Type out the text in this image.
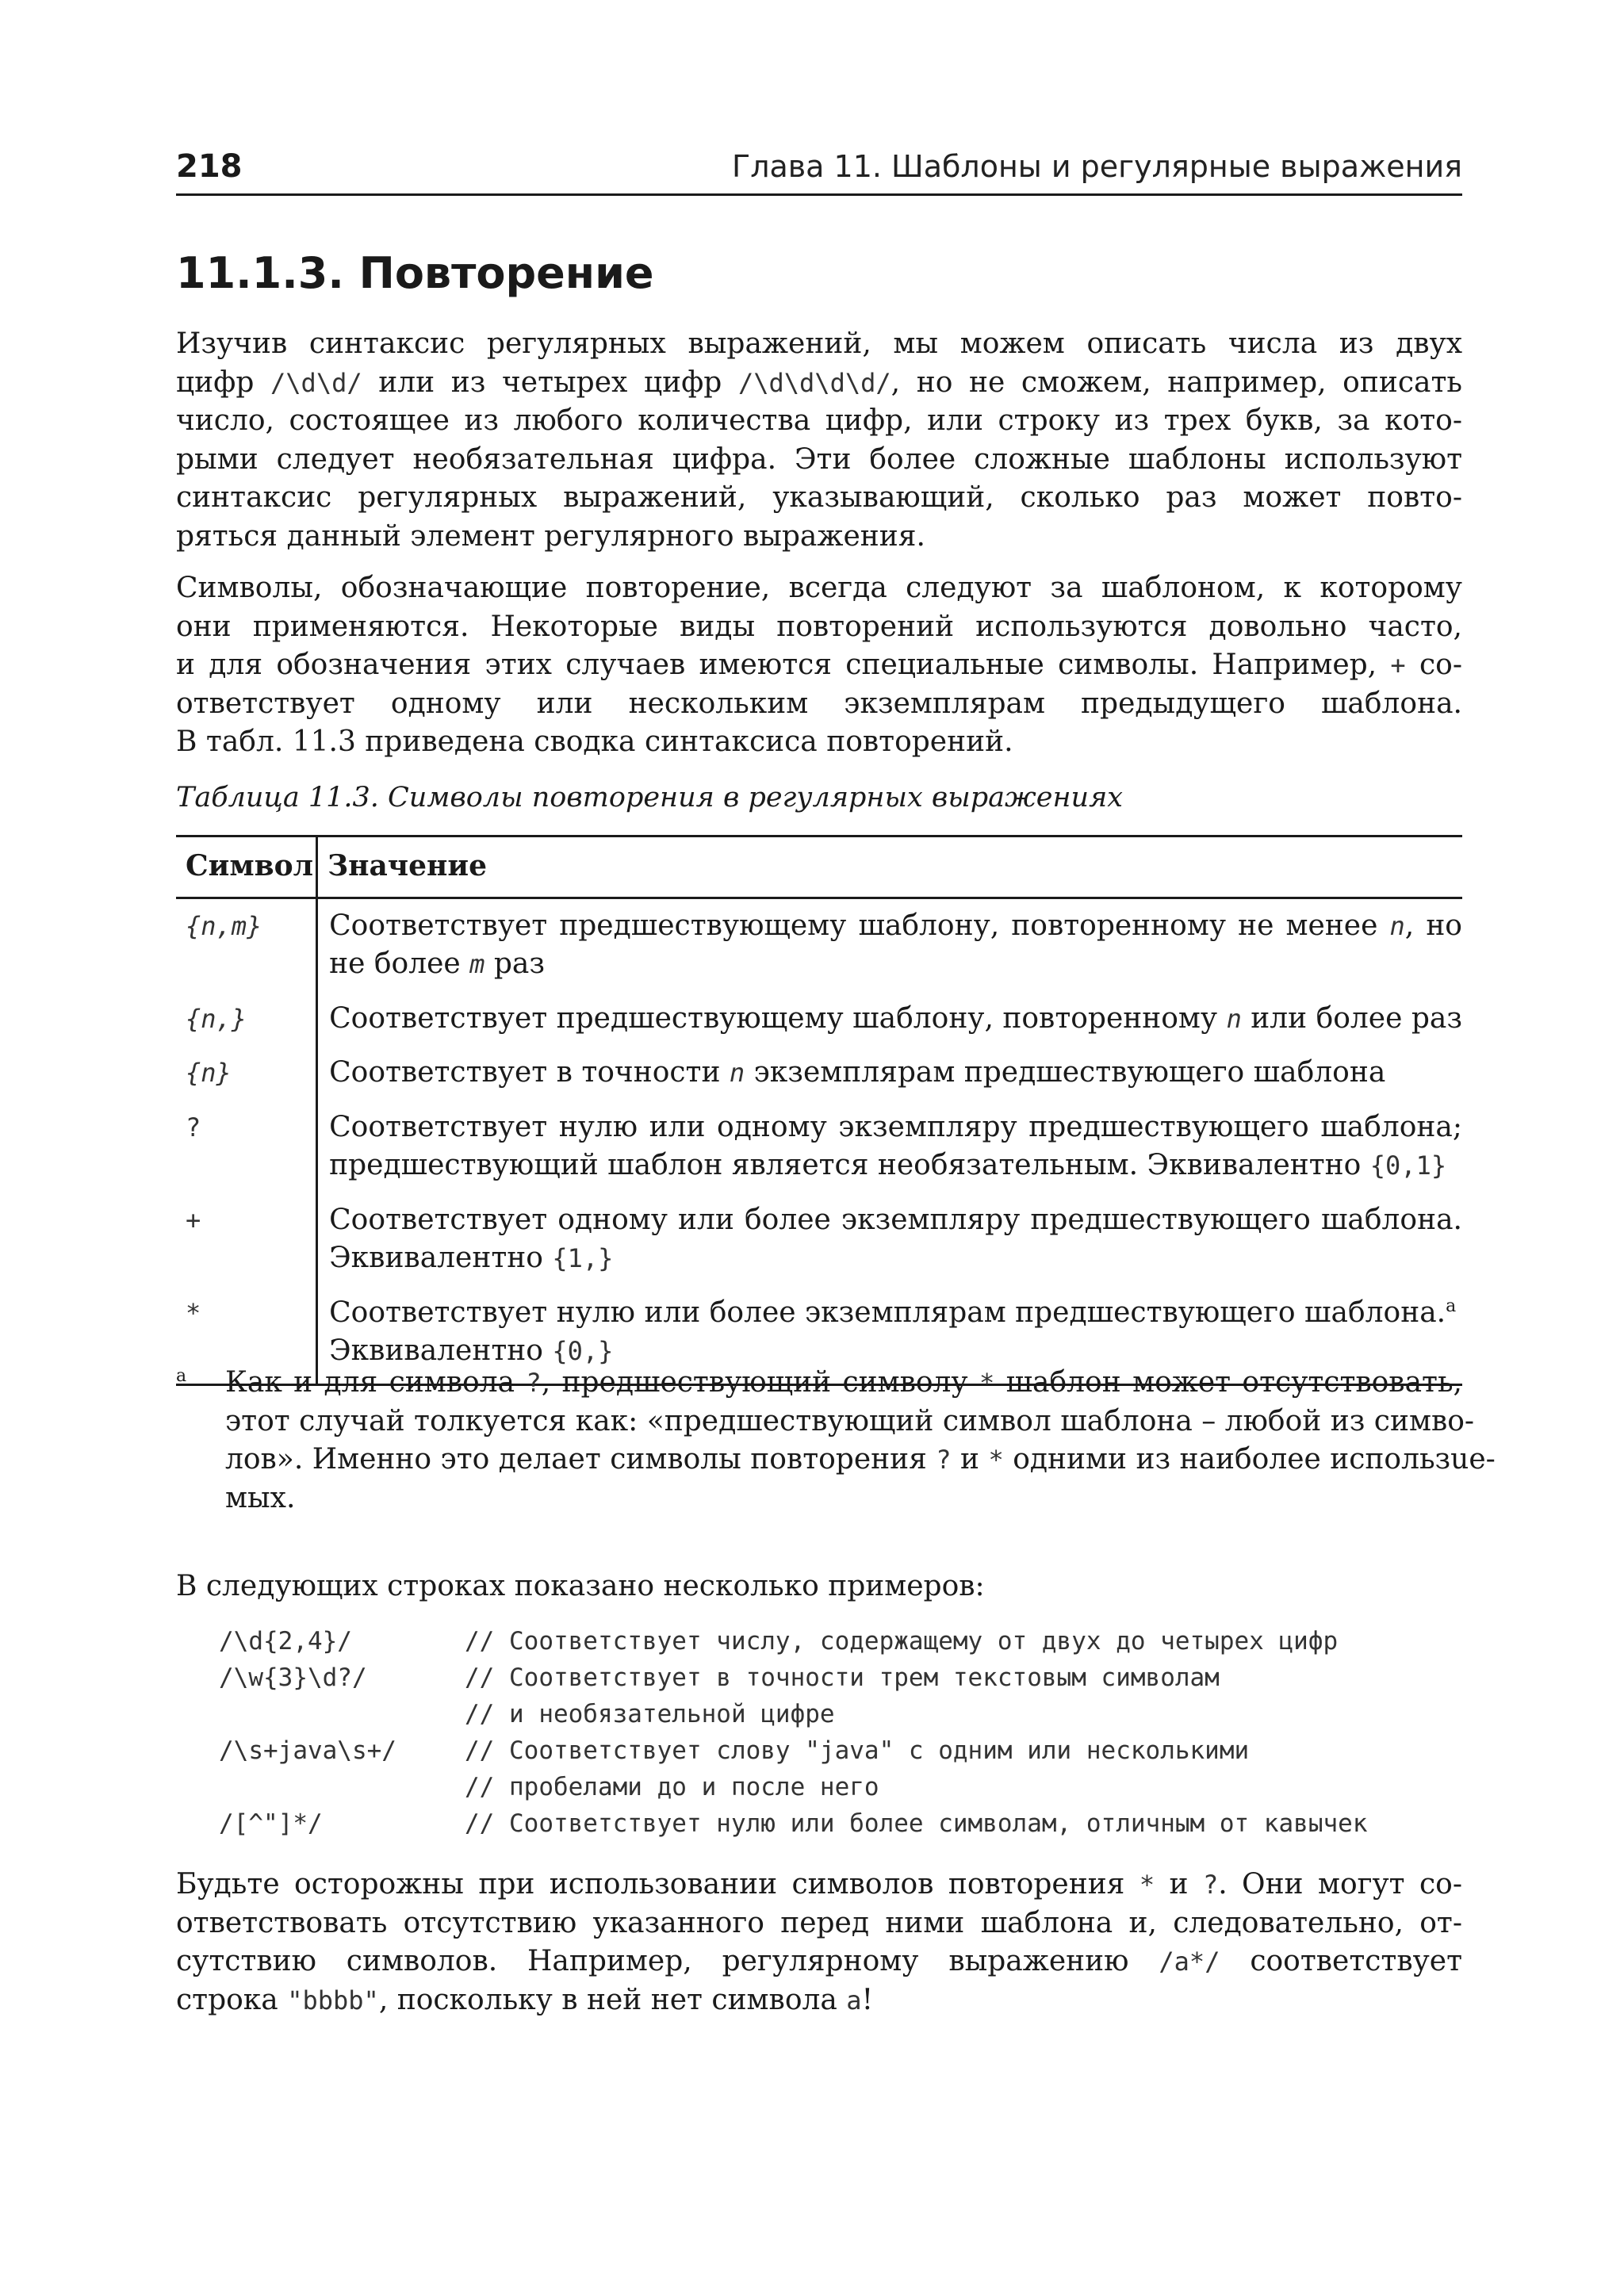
218	Глава 11. Шаблоны и регулярные выражения
11.1.3. Повторение
Изучив синтаксис регулярных выражений, мы можем описать числа из двух
цифр /\d\d/ или из четырех цифр /\d\d\d\d/, но не сможем, например, описать
число, состоящее из любого количества цифр, или строку из трех букв, за кото-
рыми следует необязательная цифра. Эти более сложные шаблоны используют
синтаксис регулярных выражений, указывающий, сколько раз может повто-
ряться данный элемент регулярного выражения.
Символы, обозначающие повторение, всегда следуют за шаблоном, к которому
они применяются. Некоторые виды повторений используются довольно часто,
и для обозначения этих случаев имеются специальные символы. Например, + со-
ответствует одному или нескольким экземплярам предыдущего шаблона.
В табл. 11.3 приведена сводка синтаксиса повторений.

Таблица 11.3. Символы повторения в регулярных выражениях

Символ	Значение
{n,m}	Соответствует предшествующему шаблону, повторенному не менее n, но
не более m раз

{n,}	Соответствует предшествующему шаблону, повторенному n или более раз

{n}	Соответствует в точности n экземплярам предшествующего шаблона

?	Соответствует нулю или одному экземпляру предшествующего шаблона;
предшествующий шаблон является необязательным. Эквивалентно {0,1}

+	Соответствует одному или более экземпляру предшествующего шаблона.
Эквивалентно {1,}

*	Соответствует нулю или более экземплярам предшествующего шаблона.$^a$
Эквивалентно {0,}
a Как и для символа ?, предшествующий символу * шаблон может отсутствовать,
этот случай толкуется как: «предшествующий символ шаблона – любой из симво-
лов». Именно это делает символы повторения ? и * одними из наиболее использue-
мых.
В следующих строках показано несколько примеров:
/\d{2,4}/	// Соответствует числу, содержащему от двух до четырех цифр
/\w{3}\d?/	// Соответствует в точности трем текстовым символам
// и необязательной цифре
/\s+java\s+/	// Соответствует слову "java" с одним или несколькими
// пробелами до и после него
/[^"]*/	// Соответствует нулю или более символам, отличным от кавычек
Будьте осторожны при использовании символов повторения * и ?. Они могут со-
ответствовать отсутствию указанного перед ними шаблона и, следовательно, от-
сутствию символов. Например, регулярному выражению /a*/ соответствует
строка "bbbb", поскольку в ней нет символа a!
